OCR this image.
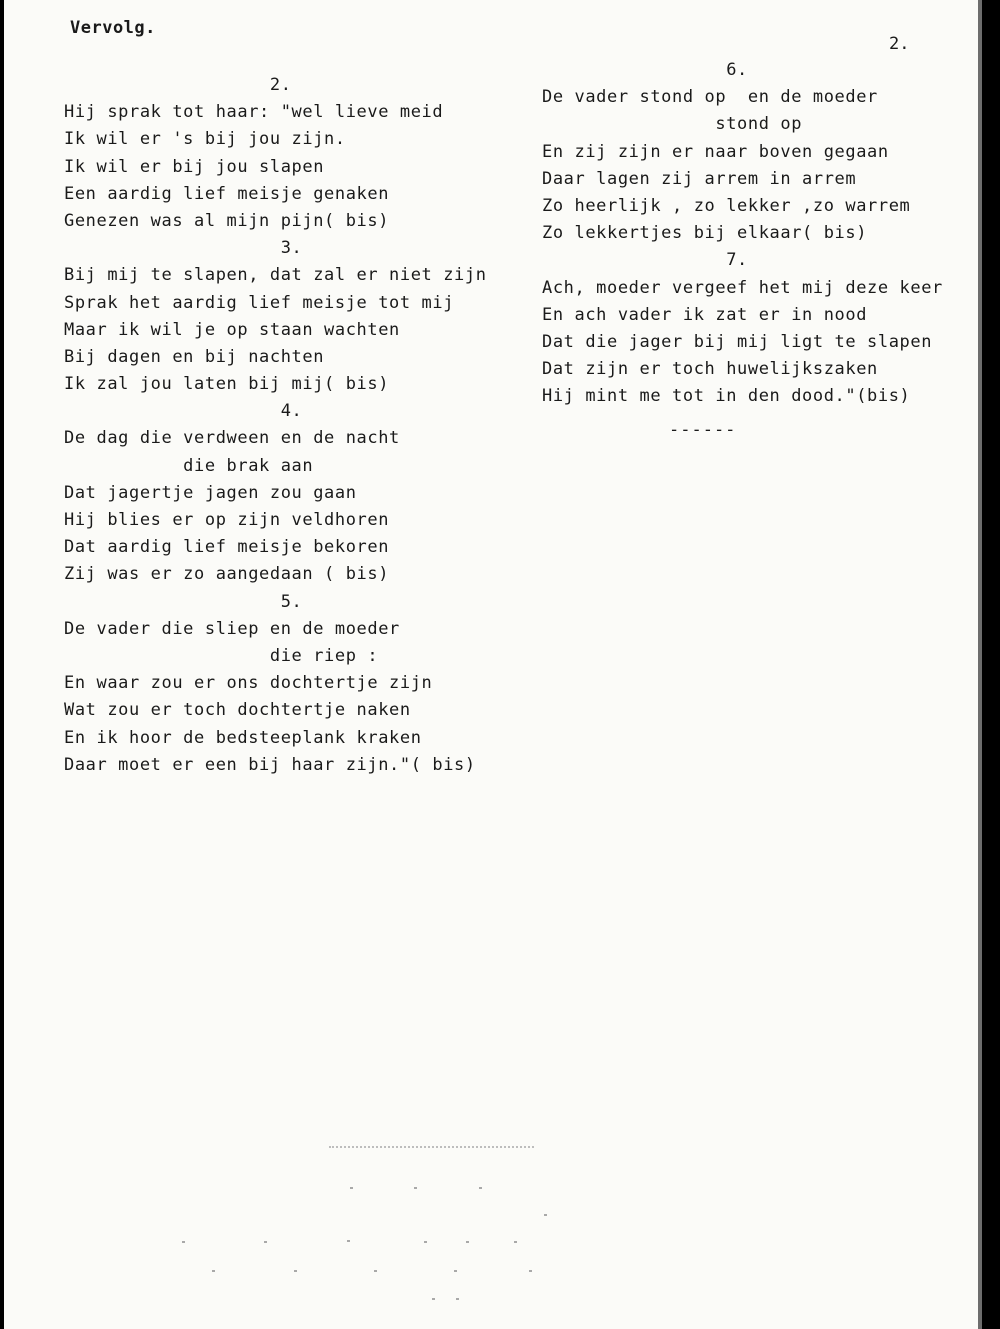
Vervolg.
2.
2.
Hij sprak tot haar: "wel lieve meid
Ik wil er 's bij jou zijn.
Ik wil er bij jou slapen
Een aardig lief meisje genaken
Genezen was al mijn pijn( bis)
3.
Bij mij te slapen, dat zal er niet zijn
Sprak het aardig lief meisje tot mij
Maar ik wil je op staan wachten
Bij dagen en bij nachten
Ik zal jou laten bij mij( bis)
4.
De dag die verdween en de nacht
die brak aan
Dat jagertje jagen zou gaan
Hij blies er op zijn veldhoren
Dat aardig lief meisje bekoren
Zij was er zo aangedaan ( bis)
5.
De vader die sliep en de moeder
die riep :
En waar zou er ons dochtertje zijn
Wat zou er toch dochtertje naken
En ik hoor de bedsteeplank kraken
Daar moet er een bij haar zijn."( bis)
6.
De vader stond op  en de moeder
stond op
En zij zijn er naar boven gegaan
Daar lagen zij arrem in arrem
Zo heerlijk , zo lekker ,zo warrem
Zo lekkertjes bij elkaar( bis)
7.
Ach, moeder vergeef het mij deze keer
En ach vader ik zat er in nood
Dat die jager bij mij ligt te slapen
Dat zijn er toch huwelijkszaken
Hij mint me tot in den dood."(bis)
------
